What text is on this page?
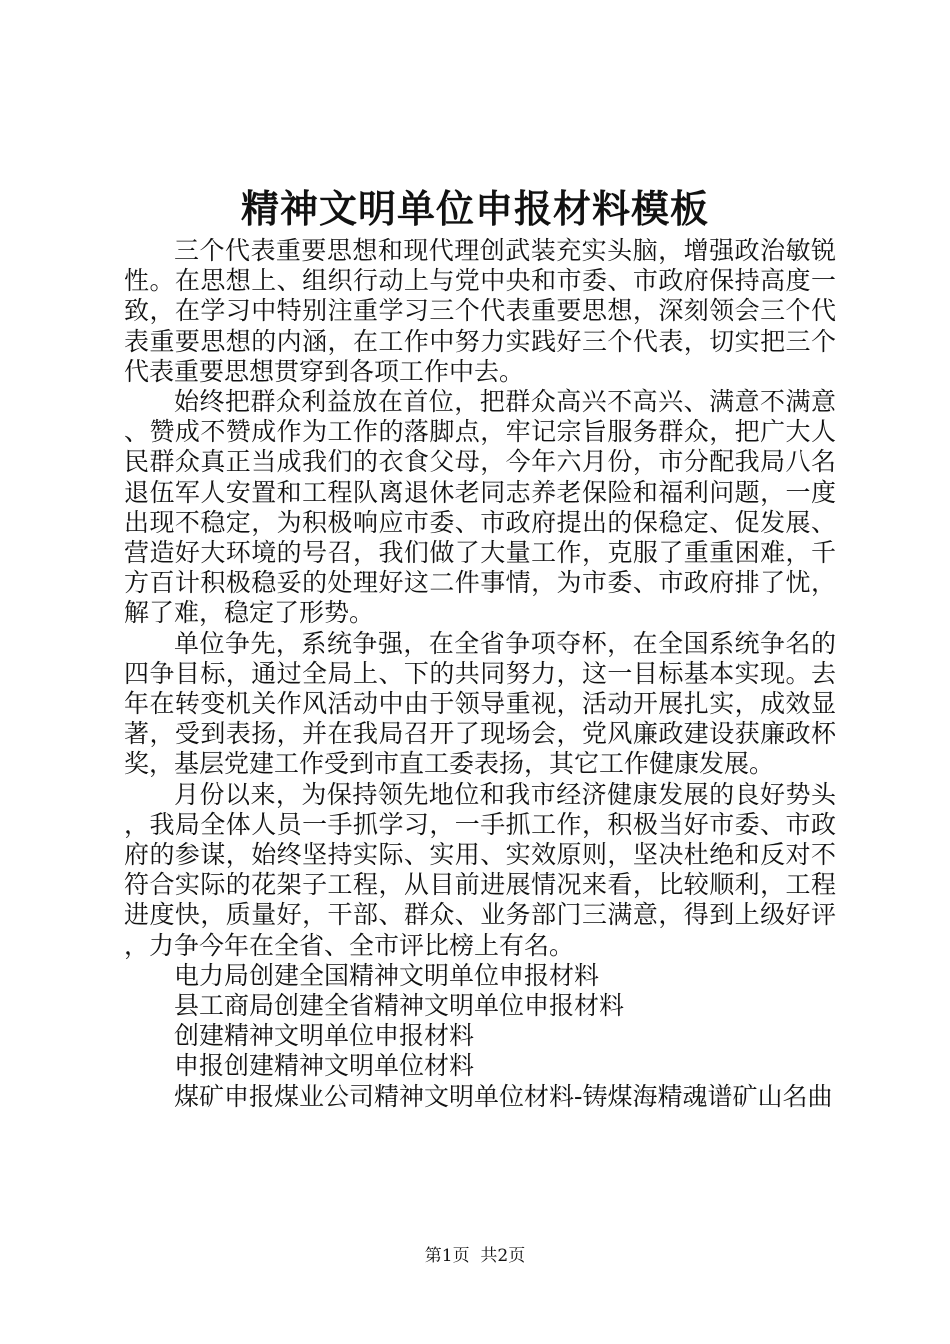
精神文明单位申报材料模板

三个代表重要思想和现代理创武装充实头脑，增强政治敏锐性。在思想上、组织行动上与党中央和市委、市政府保持高度一致，在学习中特别注重学习三个代表重要思想，深刻领会三个代表重要思想的内涵，在工作中努力实践好三个代表，切实把三个代表重要思想贯穿到各项工作中去。

始终把群众利益放在首位，把群众高兴不高兴、满意不满意、赞成不赞成作为工作的落脚点，牢记宗旨服务群众，把广大人民群众真正当成我们的衣食父母，今年六月份，市分配我局八名退伍军人安置和工程队离退休老同志养老保险和福利问题，一度出现不稳定，为积极响应市委、市政府提出的保稳定、促发展、营造好大环境的号召，我们做了大量工作，克服了重重困难，千方百计积极稳妥的处理好这二件事情，为市委、市政府排了忧，解了难，稳定了形势。

单位争先，系统争强，在全省争项夺杯，在全国系统争名的四争目标，通过全局上、下的共同努力，这一目标基本实现。去年在转变机关作风活动中由于领导重视，活动开展扎实，成效显著，受到表扬，并在我局召开了现场会，党风廉政建设获廉政杯奖，基层党建工作受到市直工委表扬，其它工作健康发展。

月份以来，为保持领先地位和我市经济健康发展的良好势头，我局全体人员一手抓学习，一手抓工作，积极当好市委、市政府的参谋，始终坚持实际、实用、实效原则，坚决杜绝和反对不符合实际的花架子工程，从目前进展情况来看，比较顺利，工程进度快，质量好，干部、群众、业务部门三满意，得到上级好评，力争今年在全省、全市评比榜上有名。

电力局创建全国精神文明单位申报材料

县工商局创建全省精神文明单位申报材料

创建精神文明单位申报材料

申报创建精神文明单位材料

煤矿申报煤业公司精神文明单位材料-铸煤海精魂谱矿山名曲

第1页 共2页
